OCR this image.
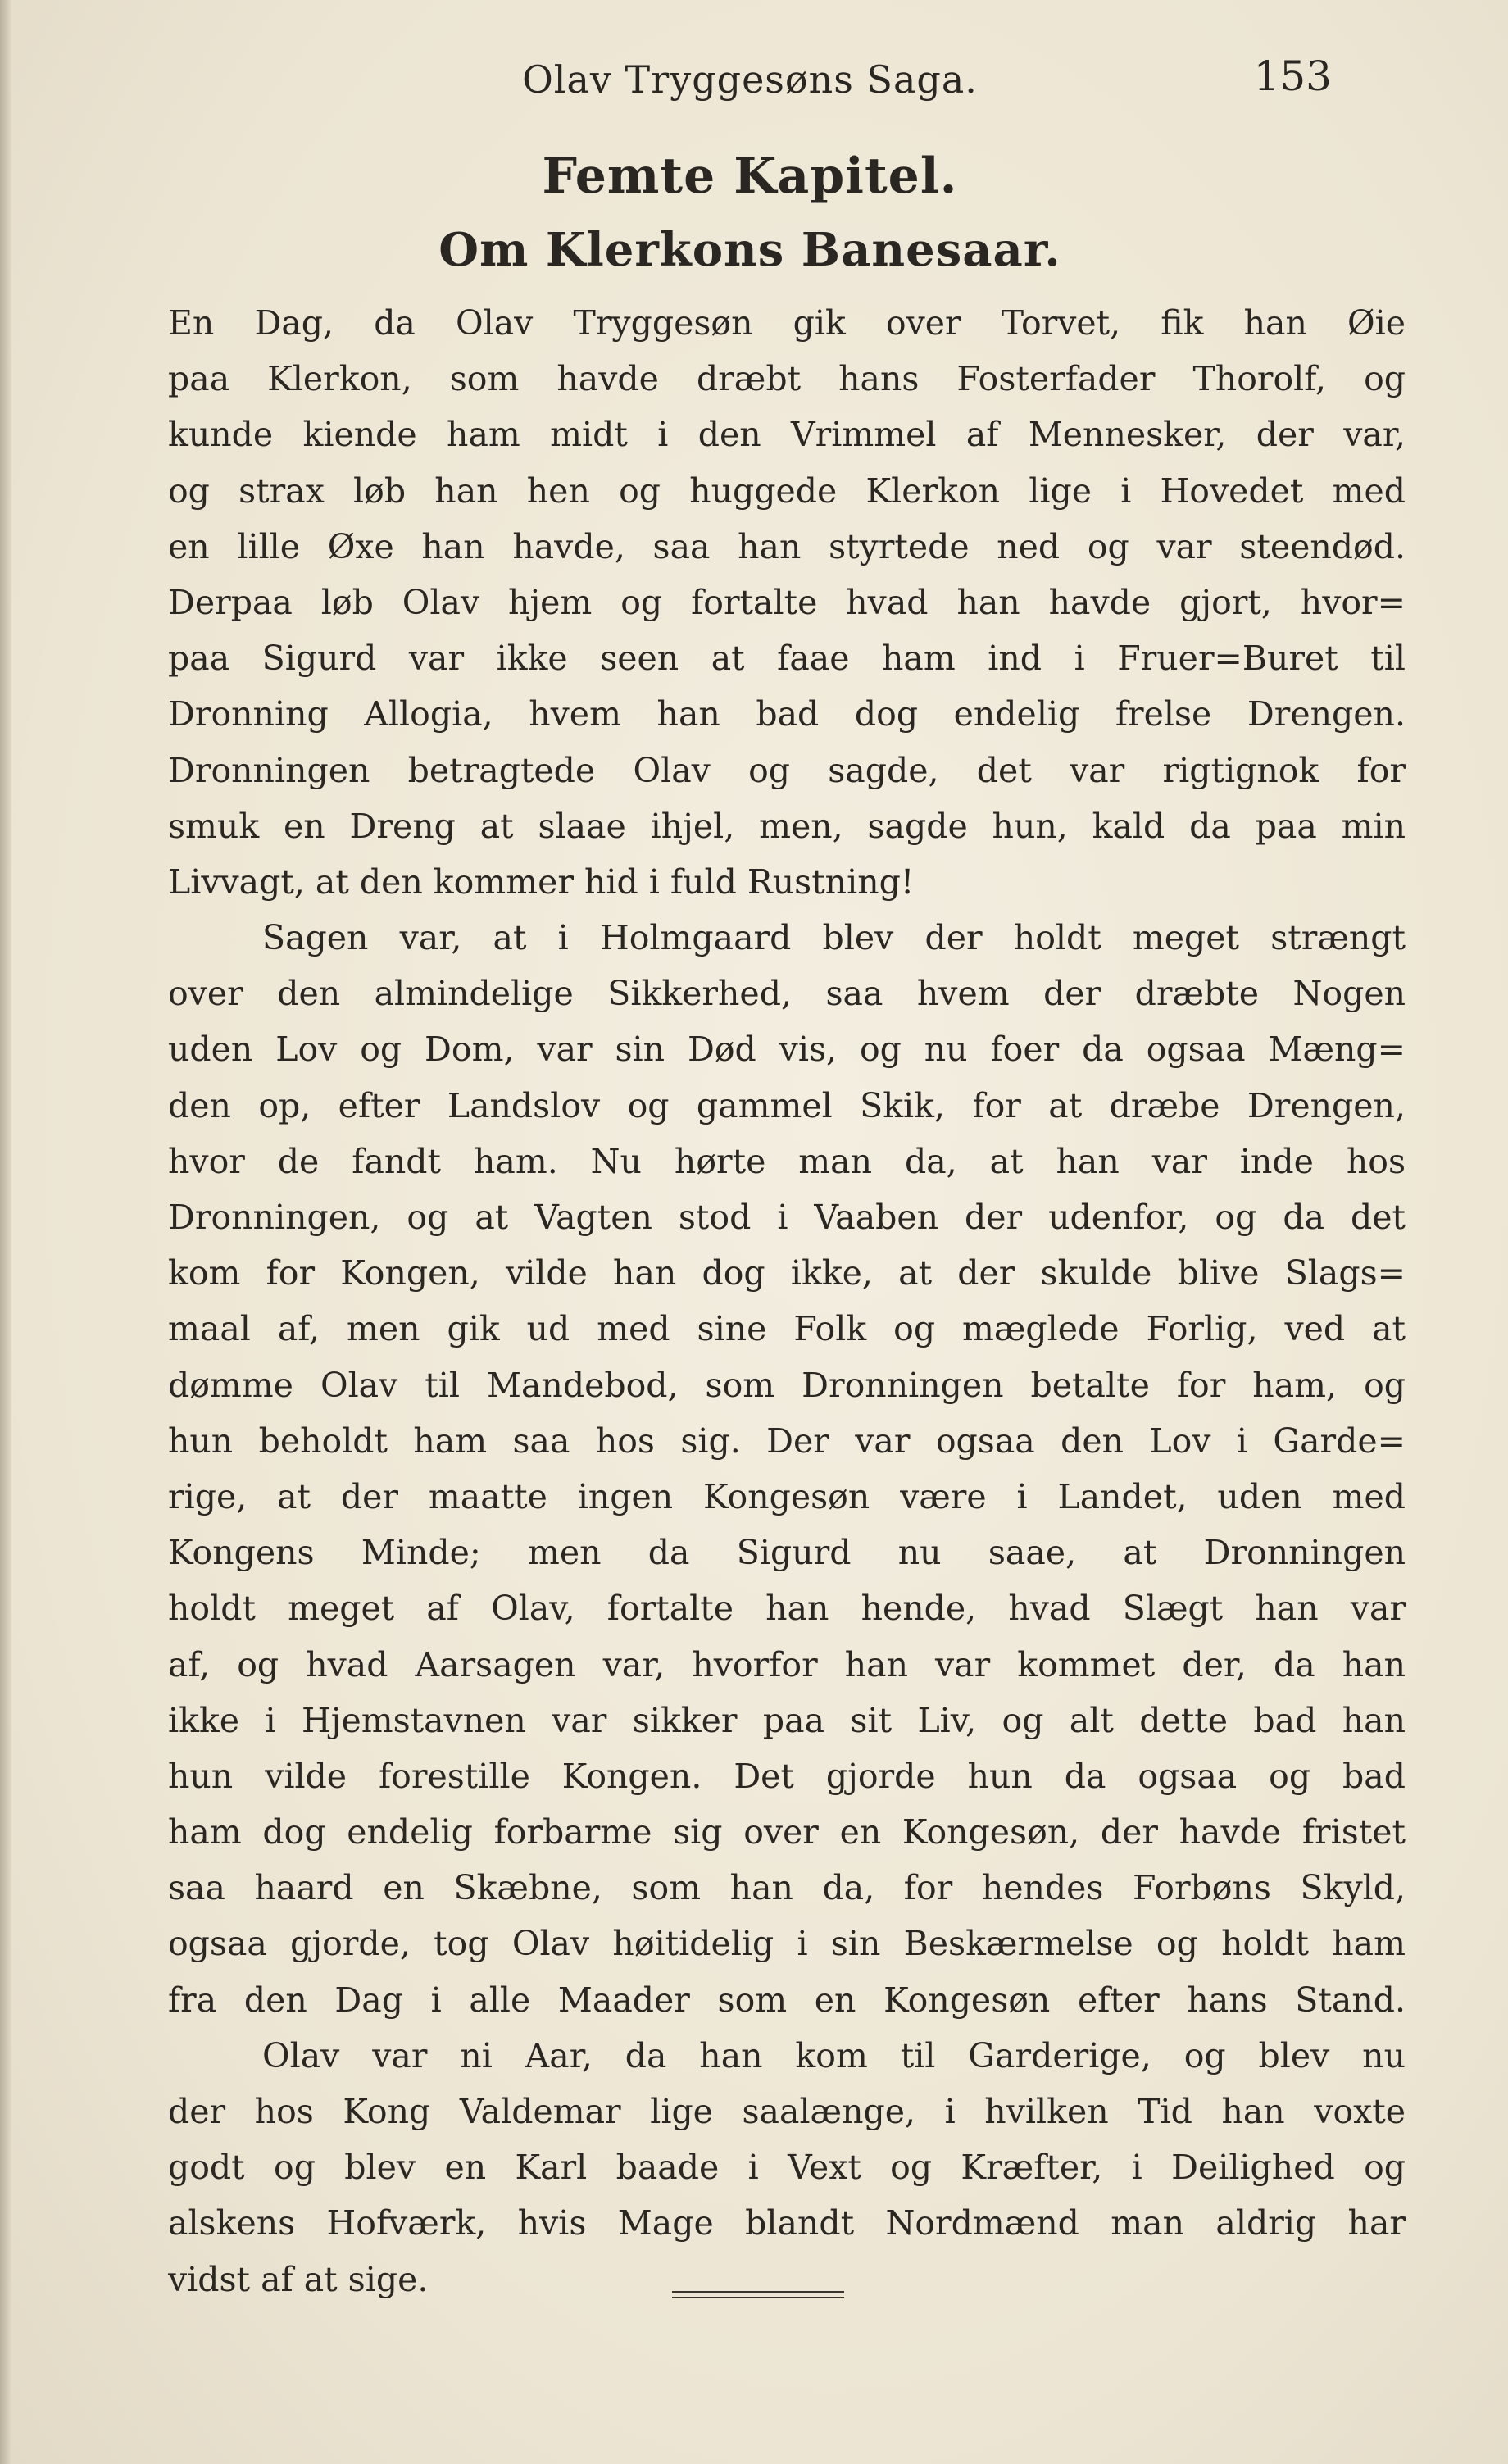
Olav Tryggesøns Saga.	153
Femte Kapitel.
Om Klerkons Banesaar.
En Dag, da Olav Tryggesøn gik over Torvet, fik han Øie
paa Klerkon, som havde dræbt hans Fosterfader Thorolf, og
kunde kiende ham midt i den Vrimmel af Mennesker, der var,
og strax løb han hen og huggede Klerkon lige i Hovedet med
en lille Øxe han havde, saa han styrtede ned og var steendød.
Derpaa løb Olav hjem og fortalte hvad han havde gjort, hvor=
paa Sigurd var ikke seen at faae ham ind i Fruer=Buret til
Dronning Allogia, hvem han bad dog endelig frelse Drengen.
Dronningen betragtede Olav og sagde, det var rigtignok for
smuk en Dreng at slaae ihjel, men, sagde hun, kald da paa min
Livvagt, at den kommer hid i fuld Rustning!
Sagen var, at i Holmgaard blev der holdt meget strængt
over den almindelige Sikkerhed, saa hvem der dræbte Nogen
uden Lov og Dom, var sin Død vis, og nu foer da ogsaa Mæng=
den op, efter Landslov og gammel Skik, for at dræbe Drengen,
hvor de fandt ham. Nu hørte man da, at han var inde hos
Dronningen, og at Vagten stod i Vaaben der udenfor, og da det
kom for Kongen, vilde han dog ikke, at der skulde blive Slags=
maal af, men gik ud med sine Folk og mæglede Forlig, ved at
dømme Olav til Mandebod, som Dronningen betalte for ham, og
hun beholdt ham saa hos sig. Der var ogsaa den Lov i Garde=
rige, at der maatte ingen Kongesøn være i Landet, uden med
Kongens Minde; men da Sigurd nu saae, at Dronningen
holdt meget af Olav, fortalte han hende, hvad Slægt han var
af, og hvad Aarsagen var, hvorfor han var kommet der, da han
ikke i Hjemstavnen var sikker paa sit Liv, og alt dette bad han
hun vilde forestille Kongen. Det gjorde hun da ogsaa og bad
ham dog endelig forbarme sig over en Kongesøn, der havde fristet
saa haard en Skæbne, som han da, for hendes Forbøns Skyld,
ogsaa gjorde, tog Olav høitidelig i sin Beskærmelse og holdt ham
fra den Dag i alle Maader som en Kongesøn efter hans Stand.
Olav var ni Aar, da han kom til Garderige, og blev nu
der hos Kong Valdemar lige saalænge, i hvilken Tid han voxte
godt og blev en Karl baade i Vext og Kræfter, i Deilighed og
alskens Hofværk, hvis Mage blandt Nordmænd man aldrig har
vidst af at sige.
